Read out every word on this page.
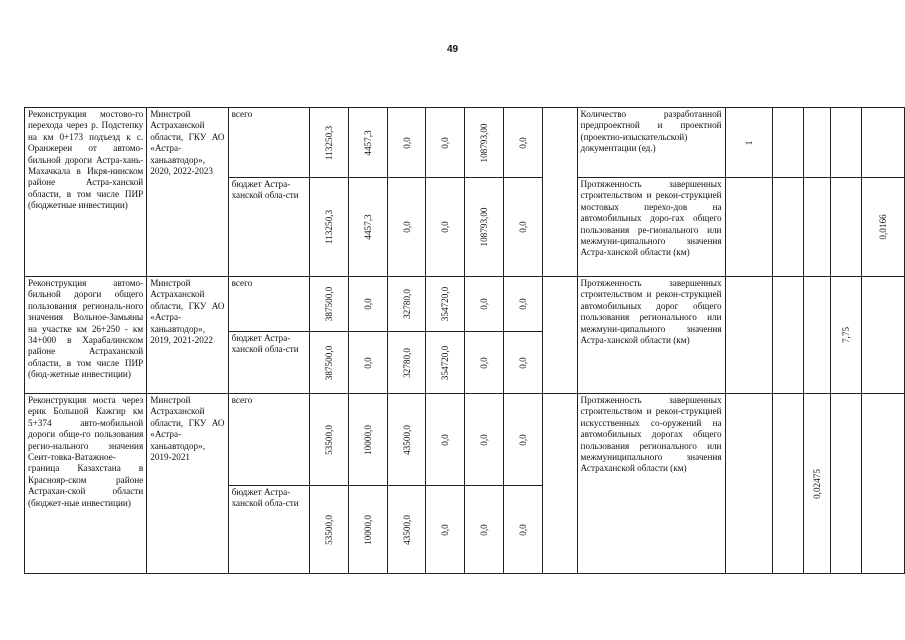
49
Реконструкция мостово-го перехода через р. Подстепку на км 0+173 подъезд к с. Оранжереи от автомо-бильной дороги Астра-хань-Махачкала в Икря-нинском районе Астра-ханской области, в том числе ПИР (бюджетные инвестиции)	Минстрой Астраханской области, ГКУ АО «Астра-ханьавтодор», 2020, 2022-2023	всего	113250,3	4457,3	0,0	0,0	108793,00	0,0		Количество разработанной предпроектной и проектной (проектно-изыскательской) документации (ед.)	1				

		бюджет Астра-ханской обла-сти	113250,3	4457,3	0,0	0,0	108793,00	0,0		Протяженность завершенных строительством и рекон-струкцией мостовых перехо-дов на автомобильных доро-гах общего пользования ре-гионального или межмуни-ципального значения Астра-ханской области (км)					0,0166

Реконструкция автомо-бильной дороги общего пользования региональ-ного значения Вольное-Замьяны на участке км 26+250 - км 34+000 в Харабалинском районе Астраханской области, в том числе ПИР (бюд-жетные инвестиции)	Минстрой Астраханской области, ГКУ АО «Астра-ханьавтодор», 2019, 2021-2022	всего	387500,0	0,0	32780,0	354720,0	0,0	0,0		Протяженность завершенных строительством и рекон-струкцией автомобильных дорог общего пользования регионального или межмуни-ципального значения Астра-ханской области (км)				7,75	

		бюджет Астра-ханской обла-сти	387500,0	0,0	32780,0	354720,0	0,0	0,0							

Реконструкция моста через ерик Большой Кажгир км 5+374 авто-мобильной дороги обще-го пользования регио-нального значения Сеит-товка-Ватажное-граница Казахстана в Краснояр-ском районе Астрахан-ской области (бюджет-ные инвестиции)	Минстрой Астраханской области, ГКУ АО «Астра-ханьавтодор», 2019-2021	всего	53500,0	10000,0	43500,0	0,0	0,0	0,0		Протяженность завершенных строительством и рекон-струкцией искусственных со-оружений на автомобильных дорогах общего пользования регионального или межмуниципального значения Астраханской области (км)			0,02475		

		бюджет Астра-ханской обла-сти	53500,0	10000,0	43500,0	0,0	0,0	0,0							
